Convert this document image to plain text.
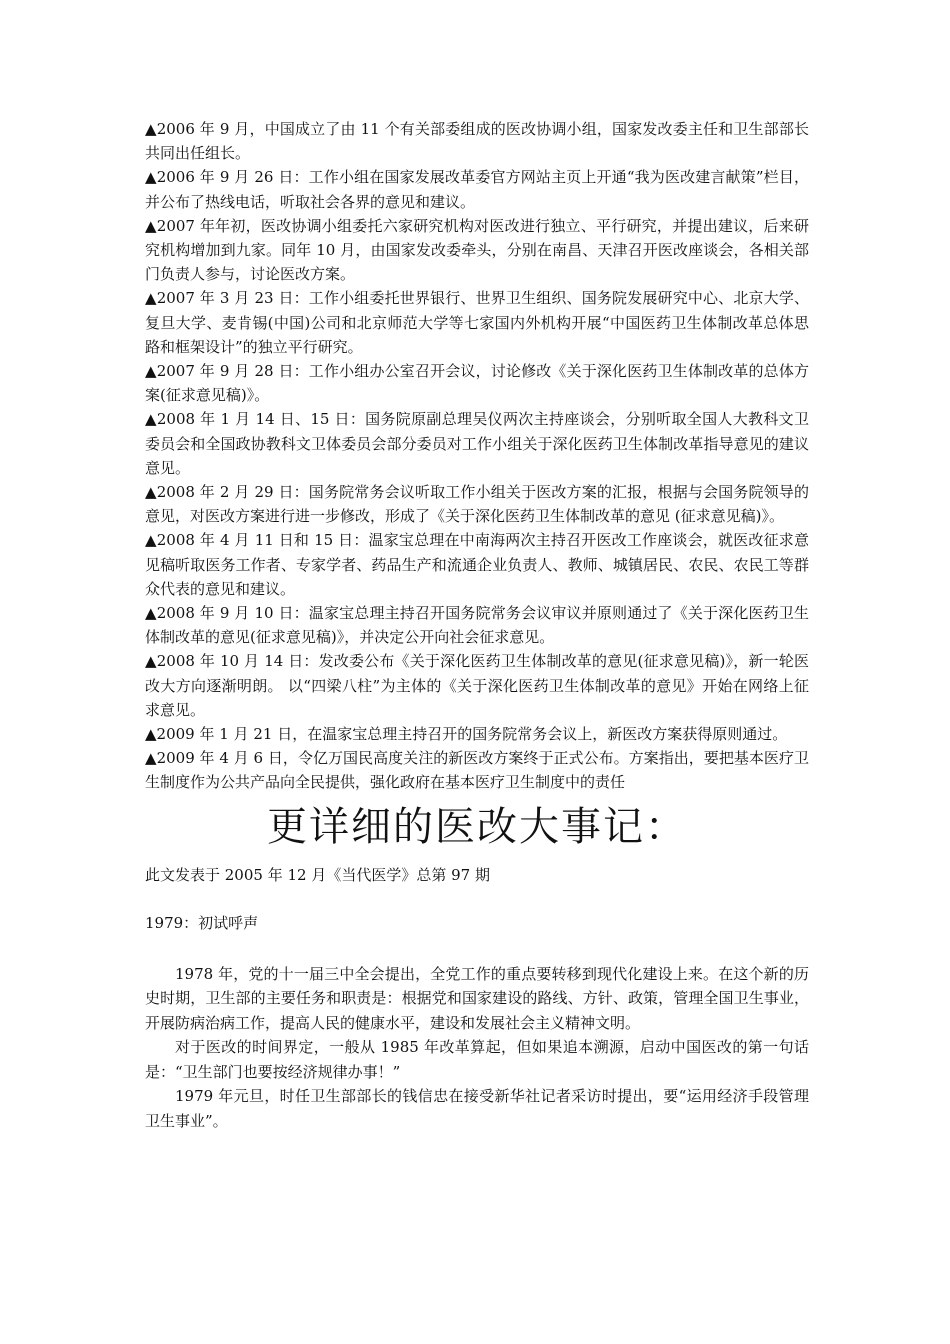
▲2006 年 9 月，中国成立了由 11 个有关部委组成的医改协调小组，国家发改委主任和卫生部部长共同出任组长。

▲2006 年 9 月 26 日：工作小组在国家发展改革委官方网站主页上开通“我为医改建言献策”栏目，并公布了热线电话，听取社会各界的意见和建议。

▲2007 年年初，医改协调小组委托六家研究机构对医改进行独立、平行研究，并提出建议，后来研究机构增加到九家。同年 10 月，由国家发改委牵头，分别在南昌、天津召开医改座谈会，各相关部门负责人参与，讨论医改方案。

▲2007 年 3 月 23 日：工作小组委托世界银行、世界卫生组织、国务院发展研究中心、北京大学、复旦大学、麦肯锡(中国)公司和北京师范大学等七家国内外机构开展“中国医药卫生体制改革总体思路和框架设计”的独立平行研究。

▲2007 年 9 月 28 日：工作小组办公室召开会议，讨论修改《关于深化医药卫生体制改革的总体方案(征求意见稿)》。

▲2008 年 1 月 14 日、15 日：国务院原副总理吴仪两次主持座谈会，分别听取全国人大教科文卫委员会和全国政协教科文卫体委员会部分委员对工作小组关于深化医药卫生体制改革指导意见的建议意见。

▲2008 年 2 月 29 日：国务院常务会议听取工作小组关于医改方案的汇报，根据与会国务院领导的意见，对医改方案进行进一步修改，形成了《关于深化医药卫生体制改革的意见 (征求意见稿)》。

▲2008 年 4 月 11 日和 15 日：温家宝总理在中南海两次主持召开医改工作座谈会，就医改征求意见稿听取医务工作者、专家学者、药品生产和流通企业负责人、教师、城镇居民、农民、农民工等群众代表的意见和建议。

▲2008 年 9 月 10 日：温家宝总理主持召开国务院常务会议审议并原则通过了《关于深化医药卫生体制改革的意见(征求意见稿)》，并决定公开向社会征求意见。

▲2008 年 10 月 14 日：发改委公布《关于深化医药卫生体制改革的意见(征求意见稿)》，新一轮医改大方向逐渐明朗。 以“四梁八柱”为主体的《关于深化医药卫生体制改革的意见》开始在网络上征求意见。

▲2009 年 1 月 21 日，在温家宝总理主持召开的国务院常务会议上，新医改方案获得原则通过。

▲2009 年 4 月 6 日，令亿万国民高度关注的新医改方案终于正式公布。方案指出，要把基本医疗卫生制度作为公共产品向全民提供，强化政府在基本医疗卫生制度中的责任

更详细的医改大事记：

此文发表于 2005 年 12 月《当代医学》总第 97 期

1979：初试呼声

1978 年，党的十一届三中全会提出，全党工作的重点要转移到现代化建设上来。在这个新的历史时期，卫生部的主要任务和职责是：根据党和国家建设的路线、方针、政策，管理全国卫生事业，开展防病治病工作，提高人民的健康水平，建设和发展社会主义精神文明。

对于医改的时间界定，一般从 1985 年改革算起，但如果追本溯源，启动中国医改的第一句话是：“卫生部门也要按经济规律办事！”

1979 年元旦，时任卫生部部长的钱信忠在接受新华社记者采访时提出，要“运用经济手段管理卫生事业”。
